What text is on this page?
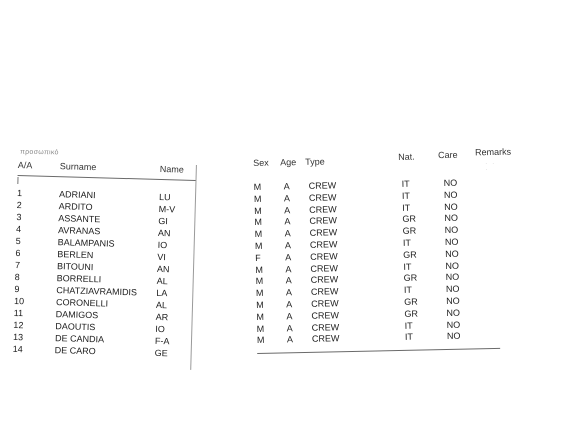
προσωπικό
A/A	Surname	Name
1	ADRIANI	LU
2	ARDITO	M-V
3	ASSANTE	GI
4	AVRANAS	AN
5	BALAMPANIS	IO
6	BERLEN	VI
7	BITOUNI	AN
8	BORRELLI	AL
9	CHATZIAVRAMIDIS LA
10	CORONELLI	AL
11	DAMIGOS	AR
12	DAOUTIS	IO
13	DE CANDIA	F-A
14	DE CARO	GE
Sex Age Type	Nat.	Care Remarks
· · ·
M A CREW	IT	NO
M A CREW	IT	NO
M A CREW	IT	NO
M A CREW	GR	NO
M A CREW	GR	NO
M A CREW	IT	NO
F	A CREW	GR	NO
M A CREW	IT	NO
M A CREW	GR	NO
M A CREW	IT	NO
M A CREW	GR	NO
M A CREW	GR	NO
M A CREW	IT	NO
M A CREW	IT	NO
